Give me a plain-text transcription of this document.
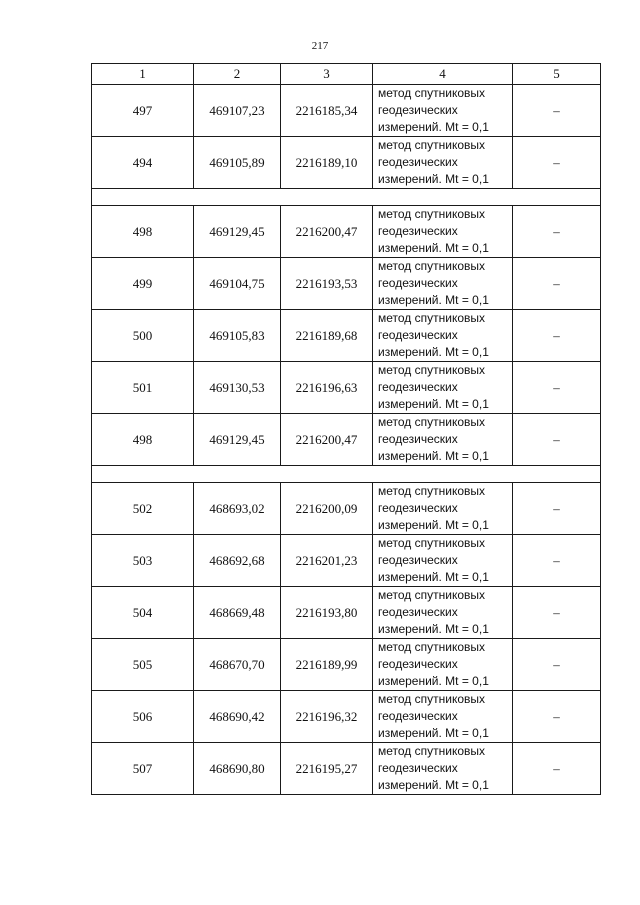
217
1	2	3	4	5
497	469107,23	2216185,34	метод спутниковых
геодезических
измерений. Mt = 0,1	–
494	469105,89	2216189,10	метод спутниковых
геодезических
измерений. Mt = 0,1	–

498	469129,45	2216200,47	метод спутниковых
геодезических
измерений. Mt = 0,1	–
499	469104,75	2216193,53	метод спутниковых
геодезических
измерений. Mt = 0,1	–
500	469105,83	2216189,68	метод спутниковых
геодезических
измерений. Mt = 0,1	–
501	469130,53	2216196,63	метод спутниковых
геодезических
измерений. Mt = 0,1	–
498	469129,45	2216200,47	метод спутниковых
геодезических
измерений. Mt = 0,1	–

502	468693,02	2216200,09	метод спутниковых
геодезических
измерений. Mt = 0,1	–
503	468692,68	2216201,23	метод спутниковых
геодезических
измерений. Mt = 0,1	–
504	468669,48	2216193,80	метод спутниковых
геодезических
измерений. Mt = 0,1	–
505	468670,70	2216189,99	метод спутниковых
геодезических
измерений. Mt = 0,1	–
506	468690,42	2216196,32	метод спутниковых
геодезических
измерений. Mt = 0,1	–
507	468690,80	2216195,27	метод спутниковых
геодезических
измерений. Mt = 0,1	–
